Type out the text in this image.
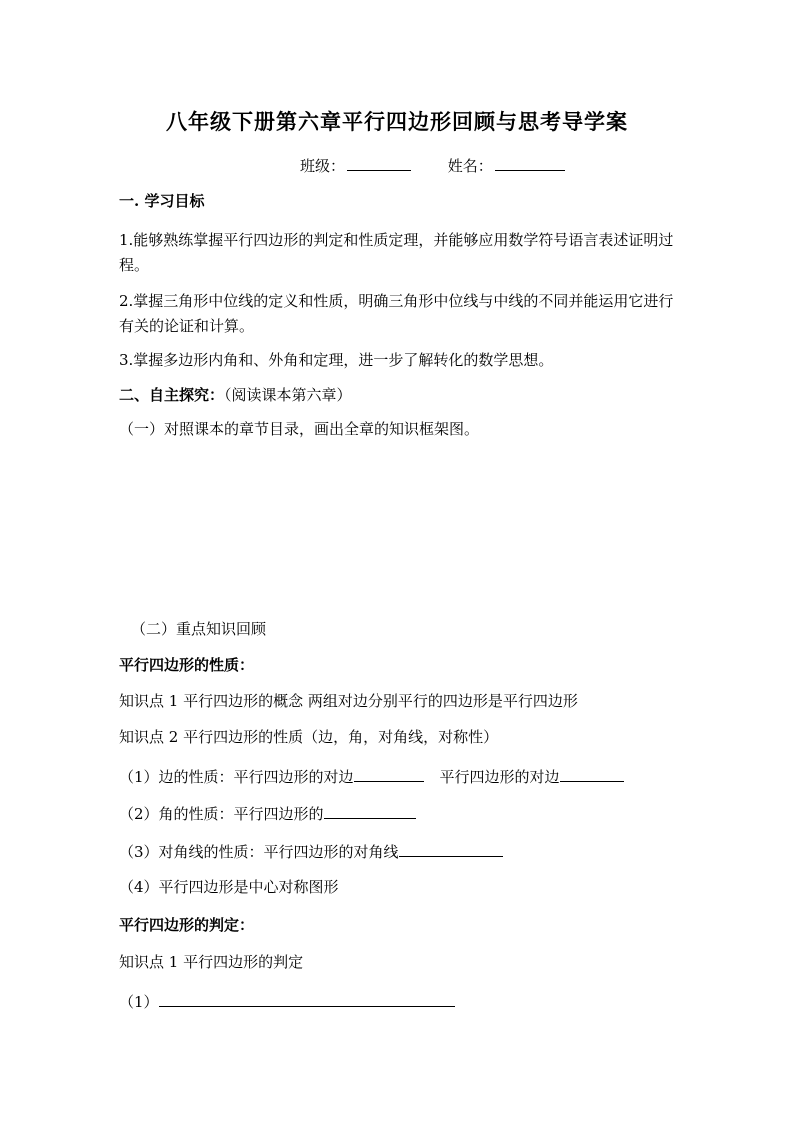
八年级下册第六章平行四边形回顾与思考导学案
班级：	姓名：
一. 学习目标
1.能够熟练掌握平行四边形的判定和性质定理，并能够应用数学符号语言表述证明过程。
2.掌握三角形中位线的定义和性质，明确三角形中位线与中线的不同并能运用它进行有关的论证和计算。
3.掌握多边形内角和、外角和定理，进一步了解转化的数学思想。
二、自主探究：（阅读课本第六章）
（一）对照课本的章节目录，画出全章的知识框架图。
（二）重点知识回顾
平行四边形的性质：
知识点 1 平行四边形的概念 两组对边分别平行的四边形是平行四边形
知识点 2 平行四边形的性质（边，角，对角线，对称性）
（1）边的性质：平行四边形的对边	平行四边形的对边
（2）角的性质：平行四边形的
（3）对角线的性质：平行四边形的对角线
（4）平行四边形是中心对称图形
平行四边形的判定：
知识点 1 平行四边形的判定
（1）
